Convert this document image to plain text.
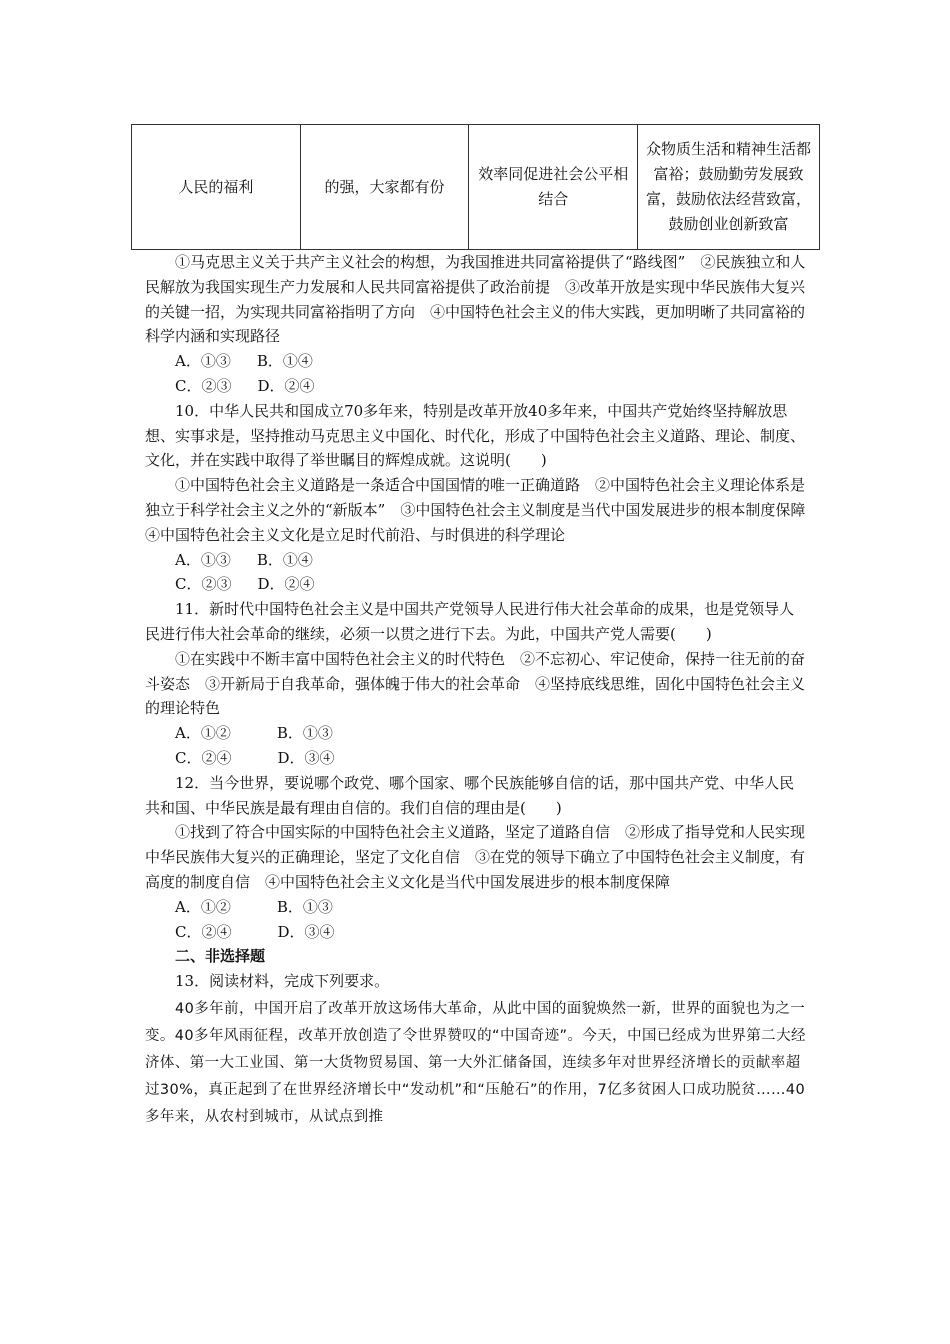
人民的福利	的强，大家都有份	效率同促进社会公平相结合	众物质生活和精神生活都富裕；鼓励勤劳发展致富，鼓励依法经营致富，鼓励创业创新致富

①马克思主义关于共产主义社会的构想，为我国推进共同富裕提供了“路线图”　②民族独立和人民解放为我国实现生产力发展和人民共同富裕提供了政治前提　③改革开放是实现中华民族伟大复兴的关键一招，为实现共同富裕指明了方向　④中国特色社会主义的伟大实践，更加明晰了共同富裕的科学内涵和实现路径

A．①③ B．①④

C．②③ D．②④

10．中华人民共和国成立70多年来，特别是改革开放40多年来，中国共产党始终坚持解放思想、实事求是，坚持推动马克思主义中国化、时代化，形成了中国特色社会主义道路、理论、制度、文化，并在实践中取得了举世瞩目的辉煌成就。这说明(　　)

①中国特色社会主义道路是一条适合中国国情的唯一正确道路　②中国特色社会主义理论体系是独立于科学社会主义之外的“新版本”　③中国特色社会主义制度是当代中国发展进步的根本制度保障　④中国特色社会主义文化是立足时代前沿、与时俱进的科学理论

A．①③ B．①④

C．②③ D．②④

11．新时代中国特色社会主义是中国共产党领导人民进行伟大社会革命的成果，也是党领导人民进行伟大社会革命的继续，必须一以贯之进行下去。为此，中国共产党人需要(　　)

①在实践中不断丰富中国特色社会主义的时代特色　②不忘初心、牢记使命，保持一往无前的奋斗姿态　③开新局于自我革命，强体魄于伟大的社会革命　④坚持底线思维，固化中国特色社会主义的理论特色

A．①②	B．①③

C．②④	D．③④

12．当今世界，要说哪个政党、哪个国家、哪个民族能够自信的话，那中国共产党、中华人民共和国、中华民族是最有理由自信的。我们自信的理由是(　　)

①找到了符合中国实际的中国特色社会主义道路，坚定了道路自信　②形成了指导党和人民实现中华民族伟大复兴的正确理论，坚定了文化自信　③在党的领导下确立了中国特色社会主义制度，有高度的制度自信　④中国特色社会主义文化是当代中国发展进步的根本制度保障

A．①②	B．①③

C．②④	D．③④

二、非选择题

13．阅读材料，完成下列要求。

40多年前，中国开启了改革开放这场伟大革命，从此中国的面貌焕然一新，世界的面貌也为之一变。40多年风雨征程，改革开放创造了令世界赞叹的“中国奇迹”。今天，中国已经成为世界第二大经济体、第一大工业国、第一大货物贸易国、第一大外汇储备国，连续多年对世界经济增长的贡献率超过30%，真正起到了在世界经济增长中“发动机”和“压舱石”的作用，7亿多贫困人口成功脱贫……40多年来，从农村到城市，从试点到推
